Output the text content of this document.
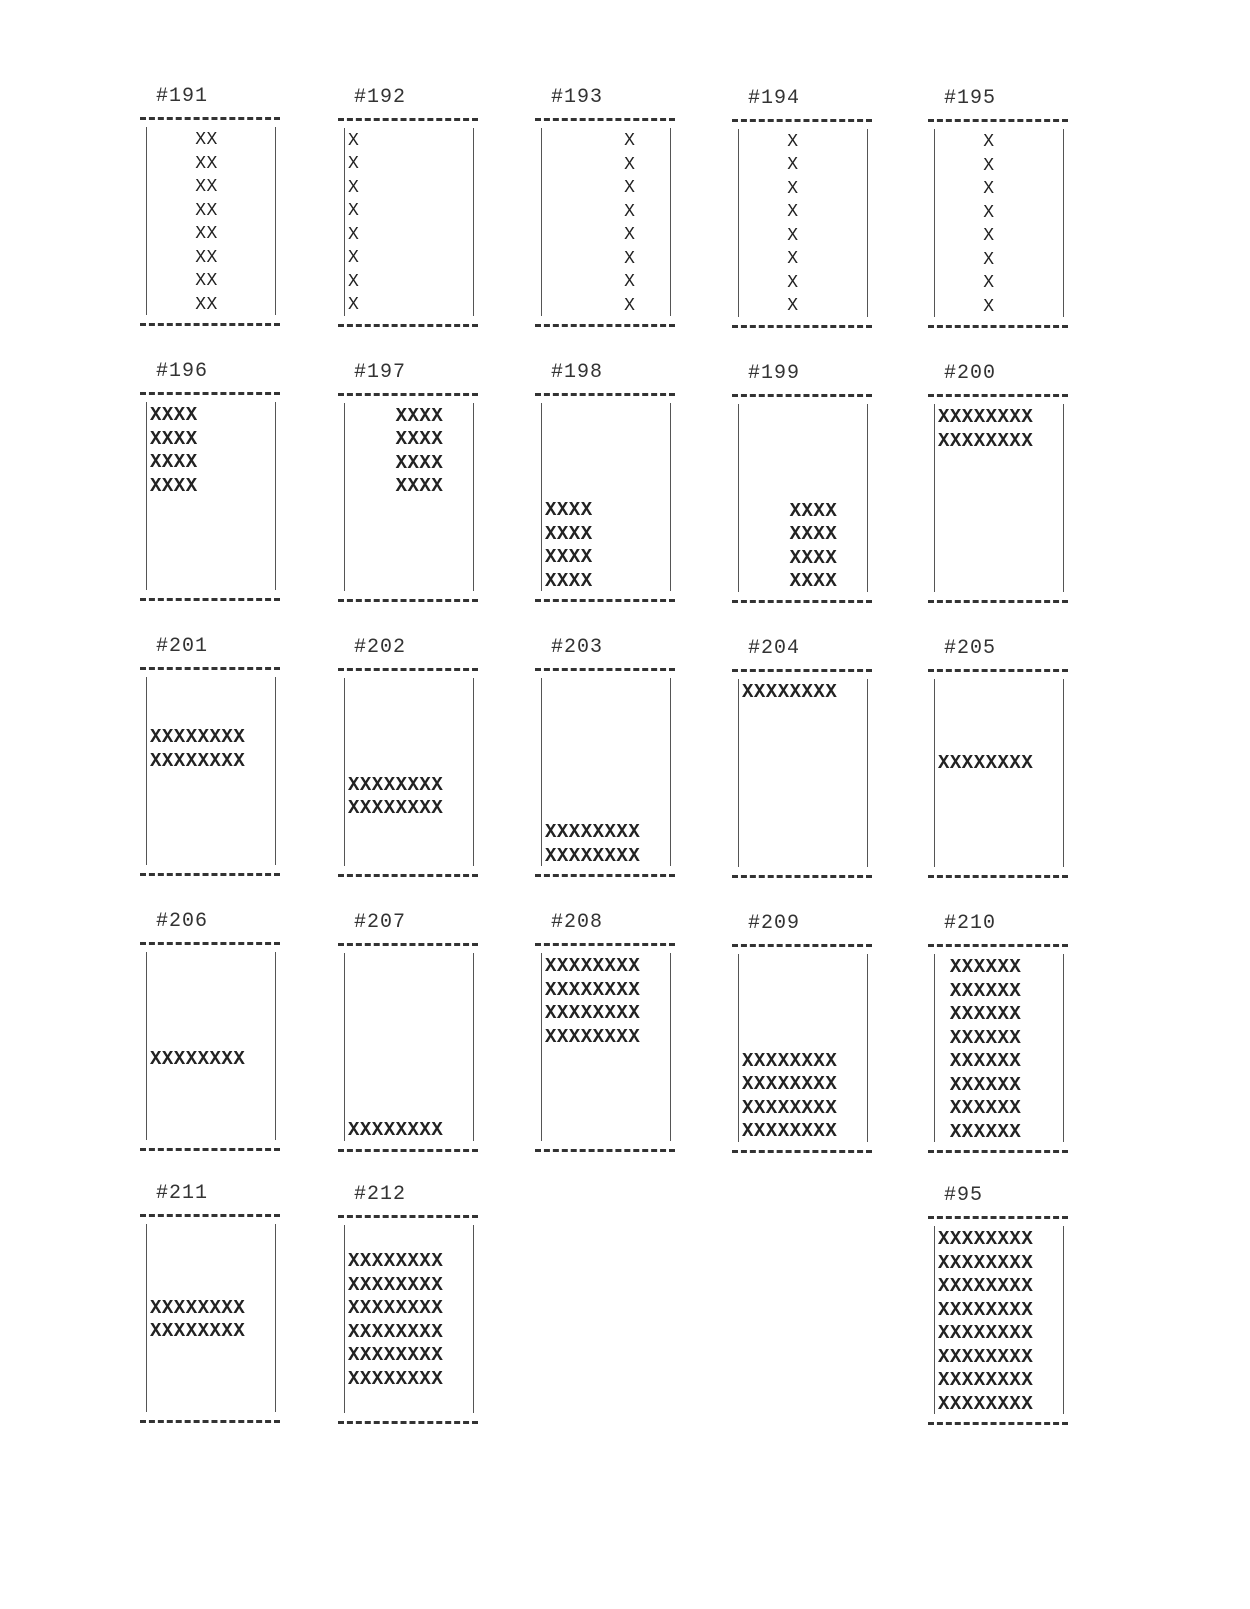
#191
XX
XX
XX
XX
XX
XX
XX
XX
#192
X
X
X
X
X
X
X
X
#193
X
X
X
X
X
X
X
X
#194
X
X
X
X
X
X
X
X
#195
X
X
X
X
X
X
X
X
#196
XXXX
XXXX
XXXX
XXXX
#197
XXXX
XXXX
XXXX
XXXX
#198
XXXX
XXXX
XXXX
XXXX
#199
XXXX
XXXX
XXXX
XXXX
#200
XXXXXXXX
XXXXXXXX
#201
XXXXXXXX
XXXXXXXX
#202
XXXXXXXX
XXXXXXXX
#203
XXXXXXXX
XXXXXXXX
#204
XXXXXXXX
#205
XXXXXXXX
#206
XXXXXXXX
#207
XXXXXXXX
#208
XXXXXXXX
XXXXXXXX
XXXXXXXX
XXXXXXXX
#209
XXXXXXXX
XXXXXXXX
XXXXXXXX
XXXXXXXX
#210
XXXXXX
XXXXXX
XXXXXX
XXXXXX
XXXXXX
XXXXXX
XXXXXX
XXXXXX
#211
XXXXXXXX
XXXXXXXX
#212
XXXXXXXX
XXXXXXXX
XXXXXXXX
XXXXXXXX
XXXXXXXX
XXXXXXXX
#95
XXXXXXXX
XXXXXXXX
XXXXXXXX
XXXXXXXX
XXXXXXXX
XXXXXXXX
XXXXXXXX
XXXXXXXX
